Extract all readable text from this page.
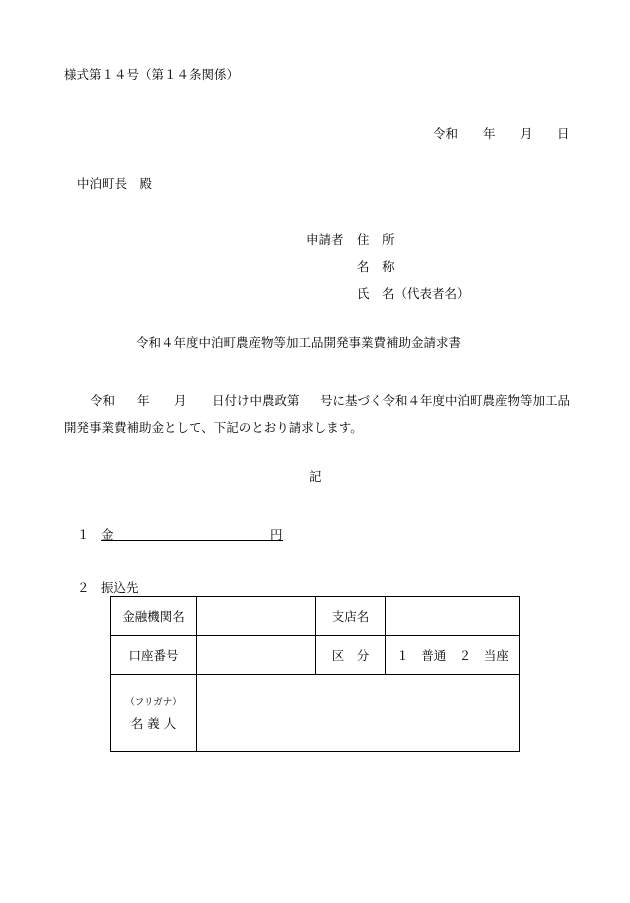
様式第１４号（第１４条関係）
令和 年 月 日
中泊町長　殿
申請者 住　所
名　称
氏　名（代表者名）
令和４年度中泊町農産物等加工品開発事業費補助金請求書
令和 年 月 日付け中農政第 号に基づく令和４年度中泊町農産物等加工品
開発事業費補助金として、下記のとおり請求します。
記
１ 金	円
２ 振込先
金融機関名		支店名	
口座番号		区　分	１　普通　２　当座

（フリガナ）
名 義 人			
